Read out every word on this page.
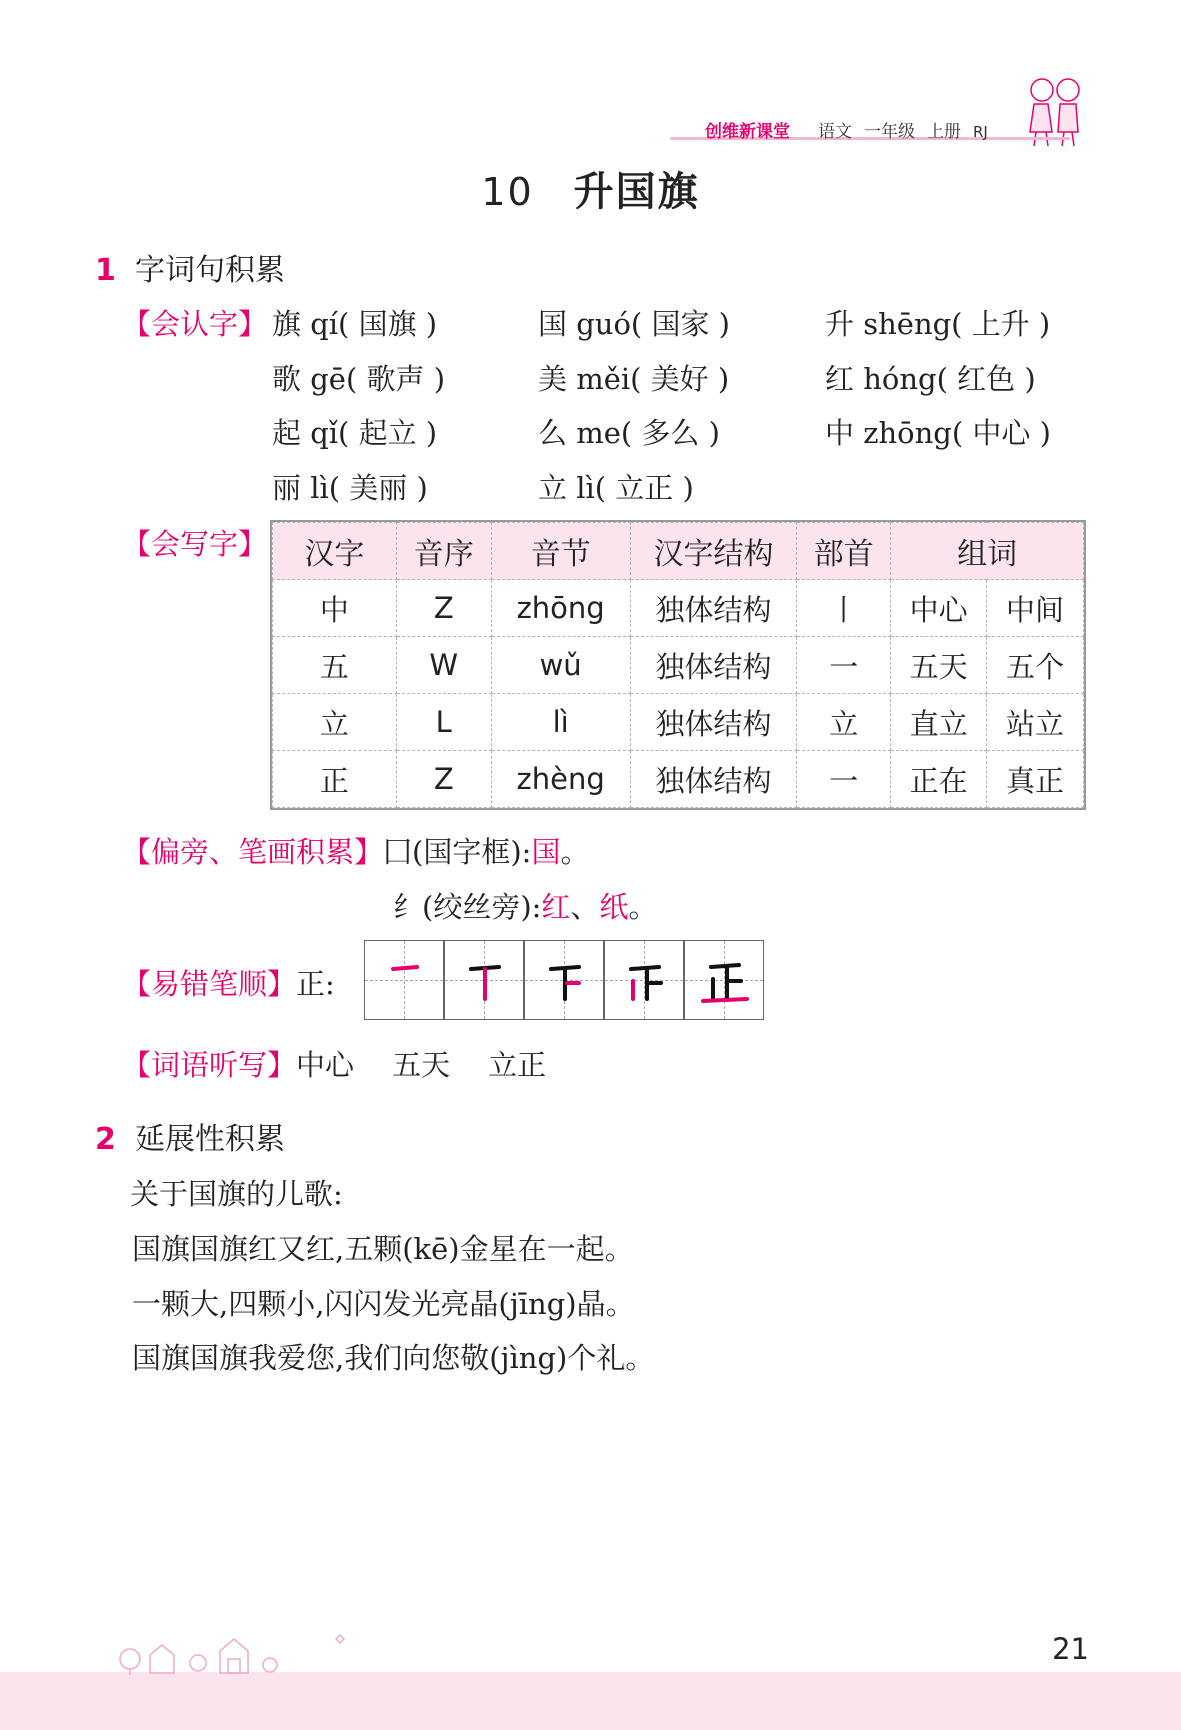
创维新课堂 语文 一年级 上册 RJ
10 升国旗
1 字词句积累
【会认字】 旗 qí( 国旗 )	国 guó( 国家 )	升 shēng( 上升 )
歌 gē( 歌声 )	美 měi( 美好 )	红 hóng( 红色 )
起 qǐ( 起立 )	么 me( 多么 )	中 zhōng( 中心 )
丽 lì( 美丽 )	立 lì( 立正 )
【会写字】 汉字	音序	音节	汉字结构	部首	组词	
中	Z	zhōng	独体结构	丨	中心	中间
五	W	wǔ	独体结构	一	五天	五个
立	L	lì	独体结构	立	直立	站立
正	Z	zhèng	独体结构	一	正在	真正
【偏旁、笔画积累】囗(国字框):国。
纟(绞丝旁):红、纸。
【易错笔顺】正:
【词语听写】中心 五天 立正
2 延展性积累
关于国旗的儿歌:
国旗国旗红又红,五颗(kē)金星在一起。
一颗大,四颗小,闪闪发光亮晶(jīng)晶。
国旗国旗我爱您,我们向您敬(jìng)个礼。
21
